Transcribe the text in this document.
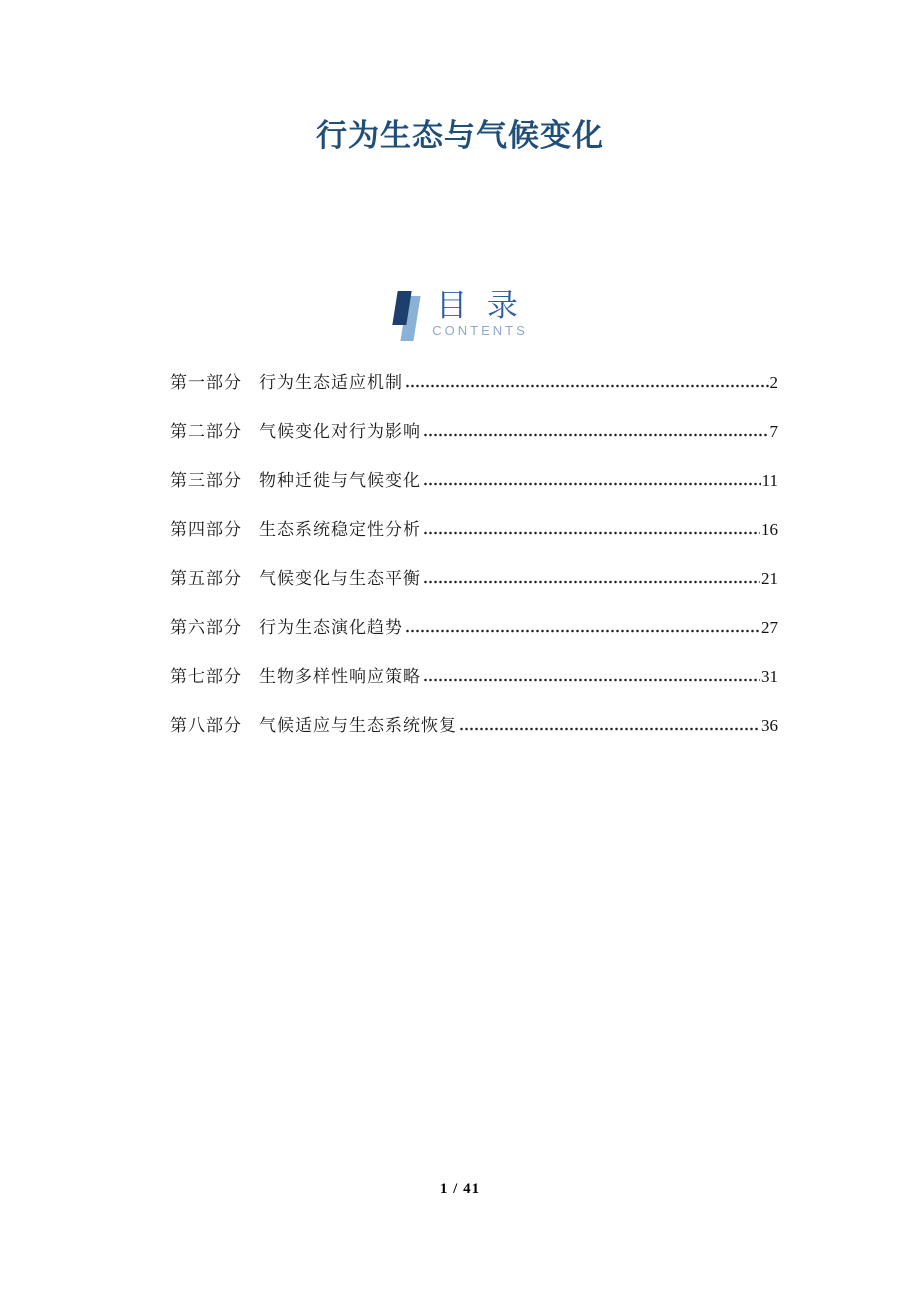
行为生态与气候变化
目 录
CONTENTS
第一部分 行为生态适应机制	2
第二部分 气候变化对行为影响	7
第三部分 物种迁徙与气候变化	11
第四部分 生态系统稳定性分析	16
第五部分 气候变化与生态平衡	21
第六部分 行为生态演化趋势	27
第七部分 生物多样性响应策略	31
第八部分 气候适应与生态系统恢复	36
1 / 41
